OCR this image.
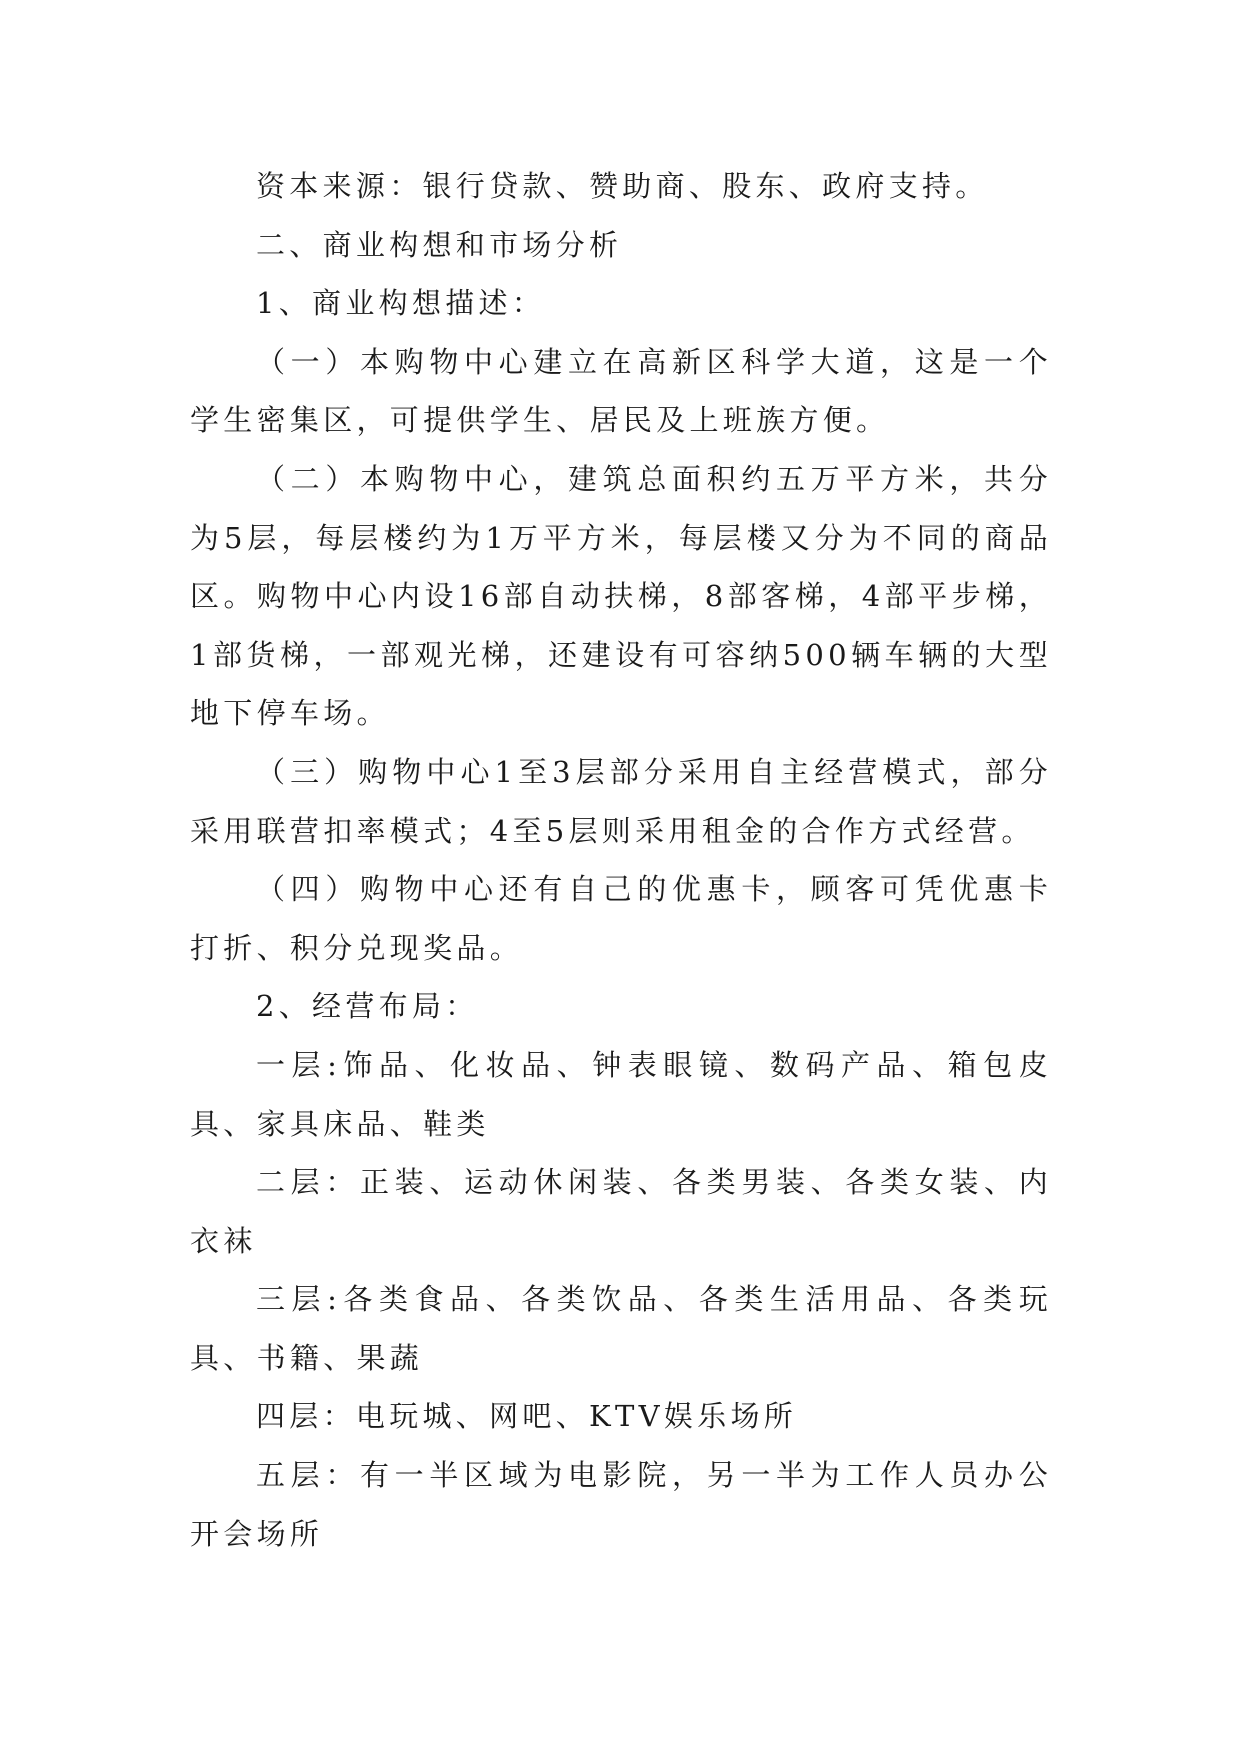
资本来源：银行贷款、赞助商、股东、政府支持。

二、商业构想和市场分析

1、商业构想描述：

（一）本购物中心建立在高新区科学大道，这是一个学生密集区，可提供学生、居民及上班族方便。

（二）本购物中心，建筑总面积约五万平方米，共分为5层，每层楼约为1万平方米，每层楼又分为不同的商品区。购物中心内设16部自动扶梯，8部客梯，4部平步梯，1部货梯，一部观光梯，还建设有可容纳500辆车辆的大型地下停车场。

（三）购物中心1至3层部分采用自主经营模式，部分采用联营扣率模式；4至5层则采用租金的合作方式经营。

（四）购物中心还有自己的优惠卡，顾客可凭优惠卡打折、积分兑现奖品。

2、经营布局：

一层:饰品、化妆品、钟表眼镜、数码产品、箱包皮具、家具床品、鞋类

二层：正装、运动休闲装、各类男装、各类女装、内衣袜

三层:各类食品、各类饮品、各类生活用品、各类玩具、书籍、果蔬

四层：电玩城、网吧、KTV娱乐场所

五层：有一半区域为电影院，另一半为工作人员办公开会场所
